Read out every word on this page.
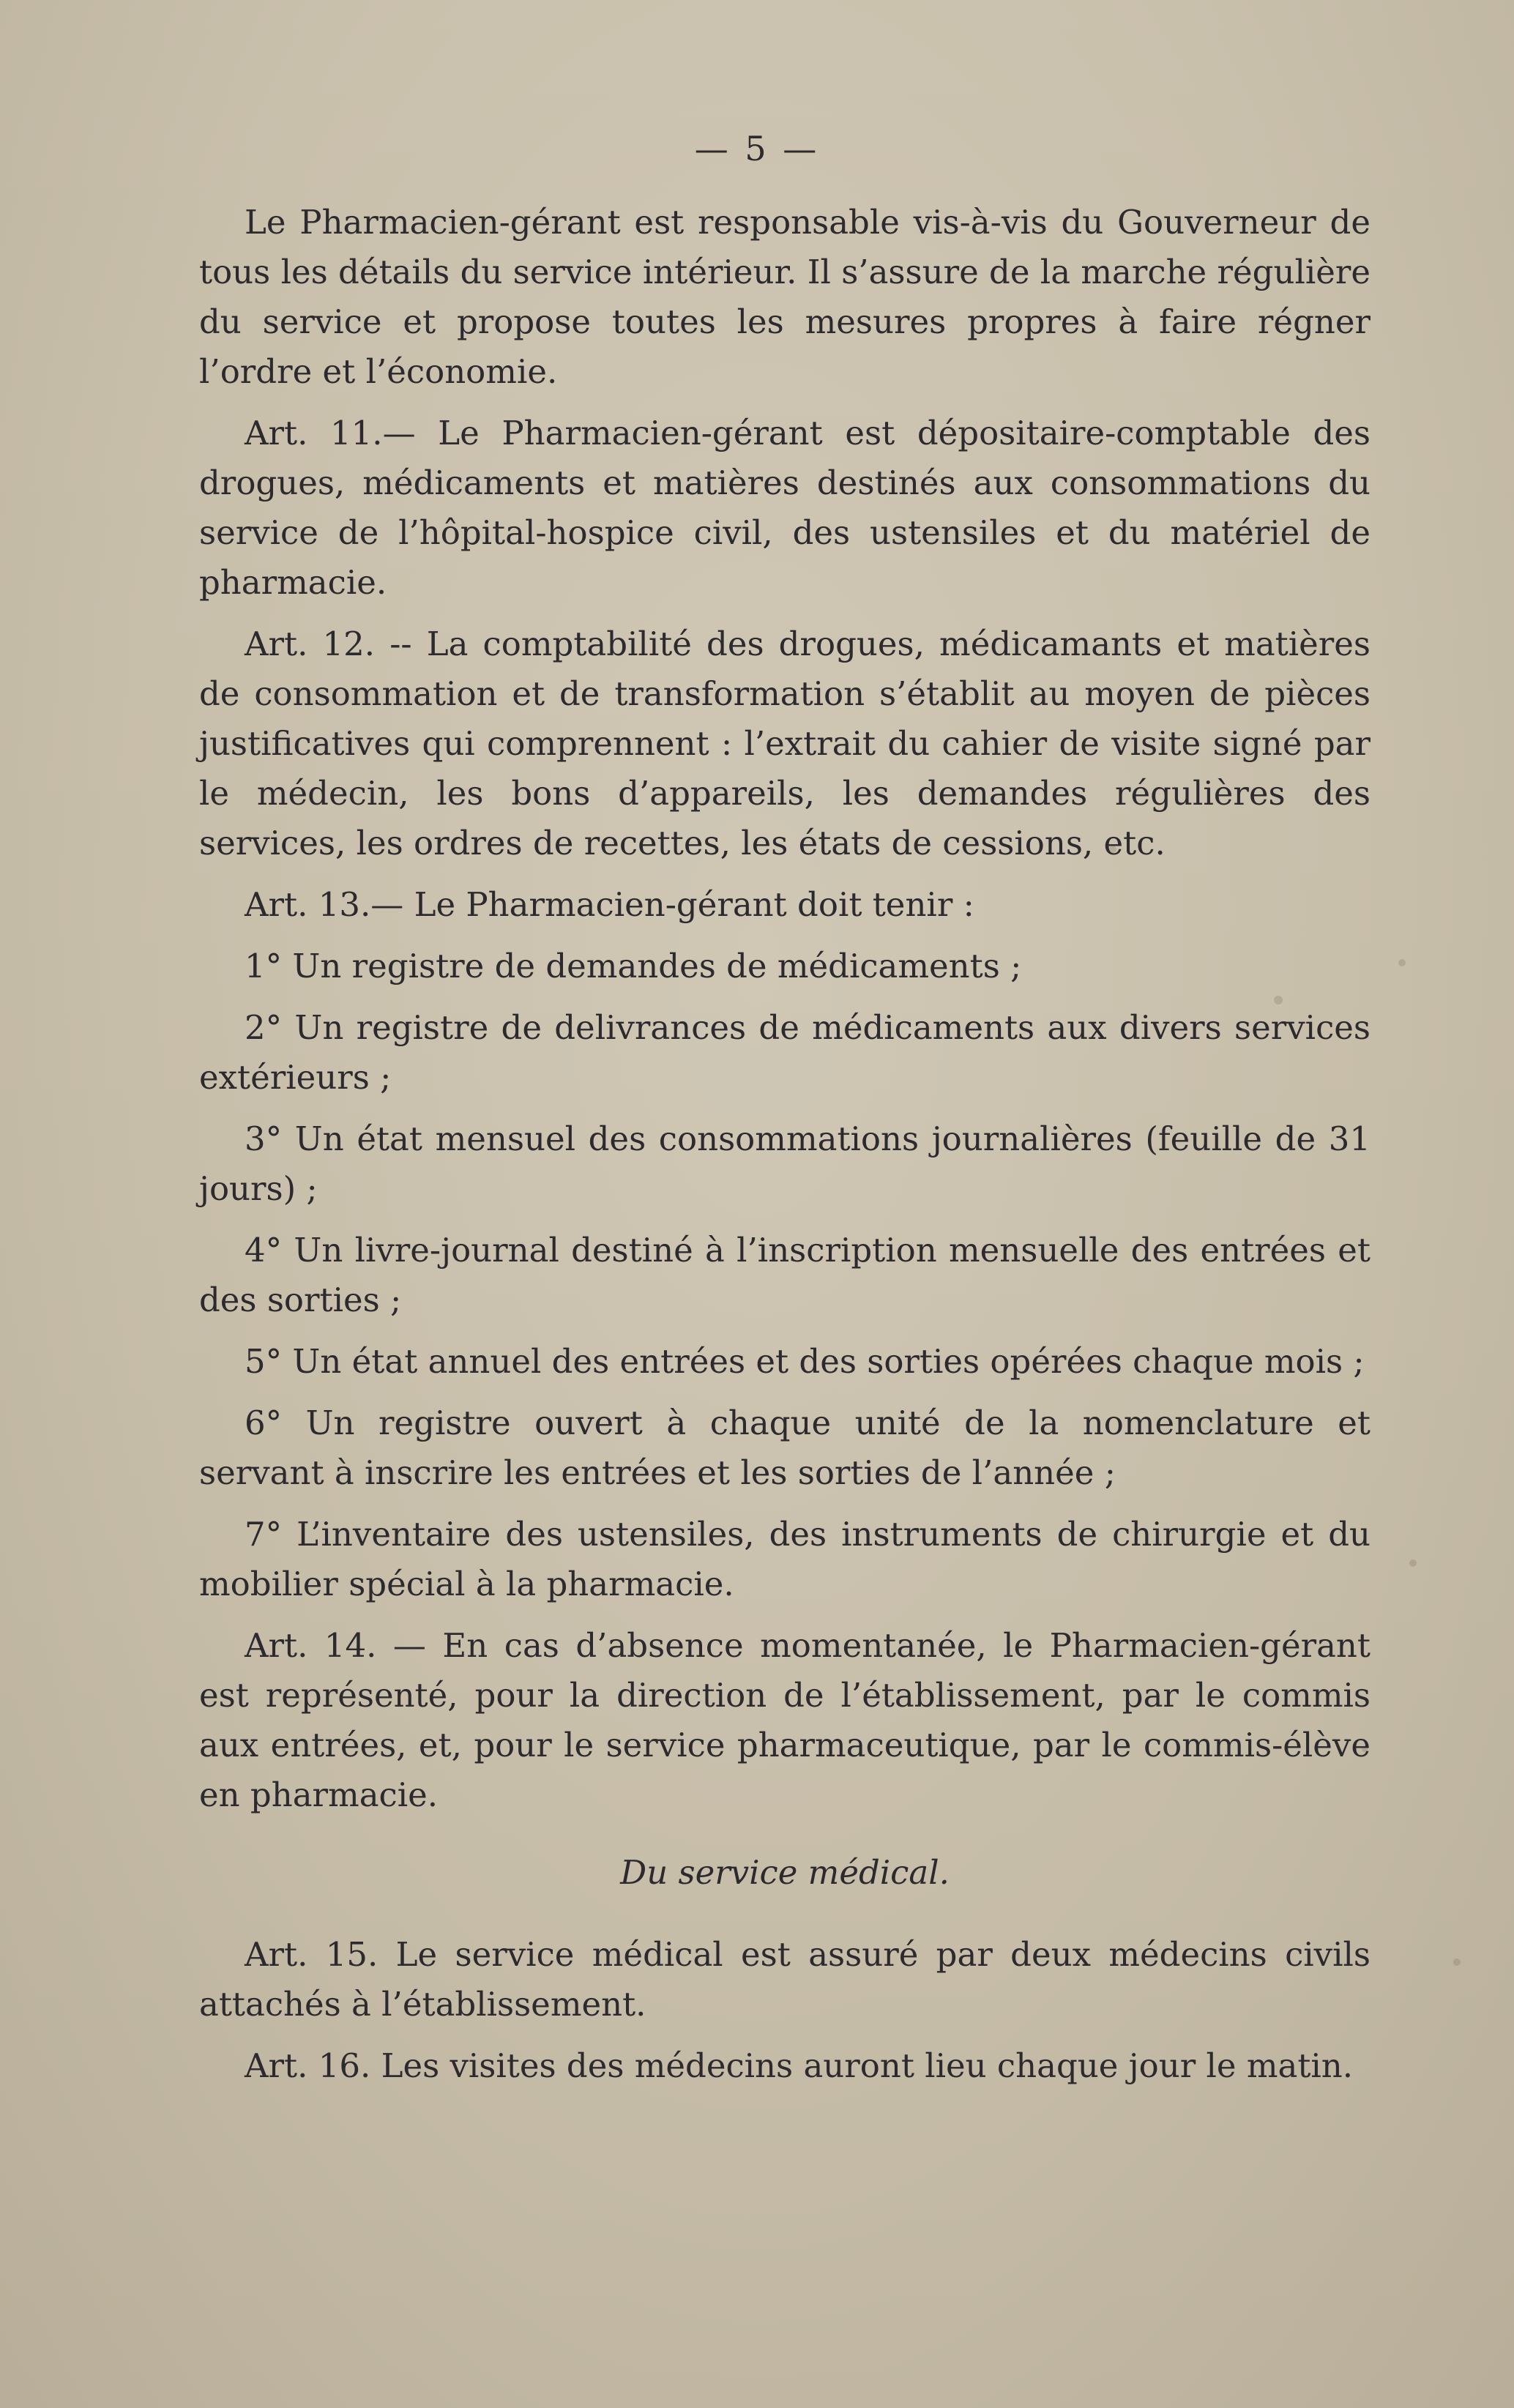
— 5 —

Le Pharmacien-gérant est responsable vis-à-vis du Gouverneur de tous les détails du service intérieur. Il s’assure de la marche régulière du service et propose toutes les mesures propres à faire régner l’ordre et l’économie.

Art. 11.— Le Pharmacien-gérant est dépositaire-comptable des drogues, médicaments et matières destinés aux consommations du service de l’hôpital-hospice civil, des ustensiles et du matériel de pharmacie.

Art. 12. -- La comptabilité des drogues, médicamants et matières de consommation et de transformation s’établit au moyen de pièces justificatives qui comprennent : l’extrait du cahier de visite signé par le médecin, les bons d’appareils, les demandes régulières des services, les ordres de recettes, les états de cessions, etc.

Art. 13.— Le Pharmacien-gérant doit tenir :

1° Un registre de demandes de médicaments ;

2° Un registre de delivrances de médicaments aux divers services extérieurs ;

3° Un état mensuel des consommations journalières (feuille de 31 jours) ;

4° Un livre-journal destiné à l’inscription mensuelle des entrées et des sorties ;

5° Un état annuel des entrées et des sorties opérées chaque mois ;

6° Un registre ouvert à chaque unité de la nomenclature et servant à inscrire les entrées et les sorties de l’année ;

7° L’inventaire des ustensiles, des instruments de chirurgie et du mobilier spécial à la pharmacie.

Art. 14. — En cas d’absence momentanée, le Pharmacien-gérant est représenté, pour la direction de l’établissement, par le commis aux entrées, et, pour le service pharmaceutique, par le commis-élève en pharmacie.

Du service médical.

Art. 15. Le service médical est assuré par deux médecins civils attachés à l’établissement.

Art. 16. Les visites des médecins auront lieu chaque jour le matin.
